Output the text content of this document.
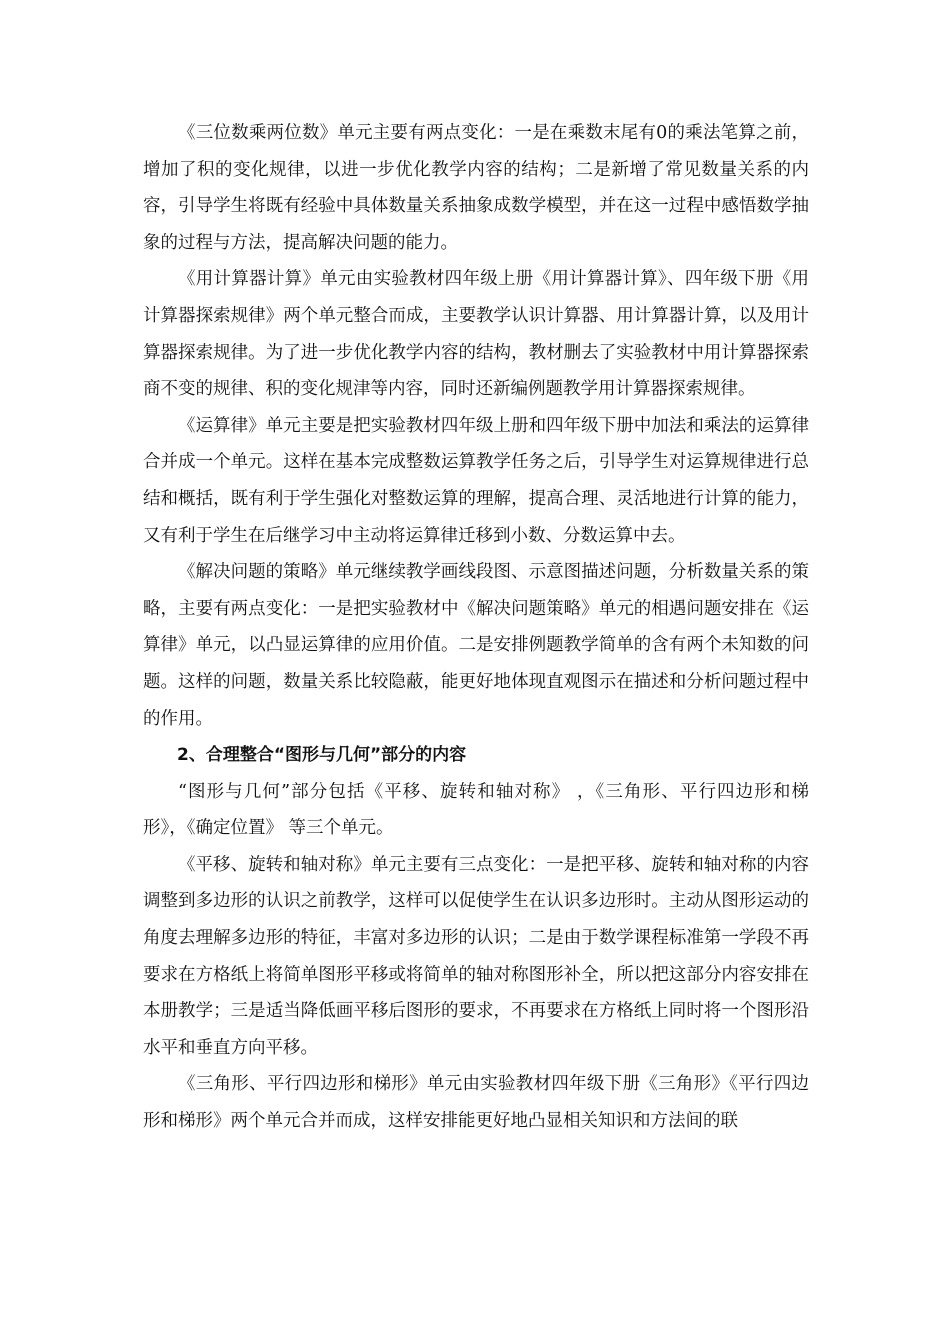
《三位数乘两位数》单元主要有两点变化：一是在乘数末尾有0的乘法笔算之前，增加了积的变化规律，以进一步优化教学内容的结构；二是新增了常见数量关系的内容，引导学生将既有经验中具体数量关系抽象成数学模型，并在这一过程中感悟数学抽象的过程与方法，提高解决问题的能力。

《用计算器计算》单元由实验教材四年级上册《用计算器计算》、四年级下册《用计算器探索规律》两个单元整合而成，主要教学认识计算器、用计算器计算，以及用计算器探索规律。为了进一步优化教学内容的结构，教材删去了实验教材中用计算器探索商不变的规律、积的变化规津等内容，同时还新编例题教学用计算器探索规律。

《运算律》单元主要是把实验教材四年级上册和四年级下册中加法和乘法的运算律合并成一个单元。这样在基本完成整数运算教学任务之后，引导学生对运算规律进行总结和概括，既有利于学生强化对整数运算的理解，提高合理、灵活地进行计算的能力，又有利于学生在后继学习中主动将运算律迁移到小数、分数运算中去。

《解决问题的策略》单元继续教学画线段图、示意图描述问题，分析数量关系的策略，主要有两点变化：一是把实验教材中《解决问题策略》单元的相遇问题安排在《运算律》单元，以凸显运算律的应用价值。二是安排例题教学简单的含有两个未知数的问题。这样的问题，数量关系比较隐蔽，能更好地体现直观图示在描述和分析问题过程中的作用。

2、合理整合“图形与几何”部分的内容

“图形与几何”部分包括《平移、旋转和轴对称》 ，《三角形、平行四边形和梯形》，《确定位置》 等三个单元。

《平移、旋转和轴对称》单元主要有三点变化：一是把平移、旋转和轴对称的内容调整到多边形的认识之前教学，这样可以促使学生在认识多边形时。主动从图形运动的角度去理解多边形的特征，丰富对多边形的认识；二是由于数学课程标准第一学段不再要求在方格纸上将简单图形平移或将简单的轴对称图形补全，所以把这部分内容安排在本册教学；三是适当降低画平移后图形的要求，不再要求在方格纸上同时将一个图形沿水平和垂直方向平移。

《三角形、平行四边形和梯形》单元由实验教材四年级下册《三角形》《平行四边形和梯形》两个单元合并而成，这样安排能更好地凸显相关知识和方法间的联
